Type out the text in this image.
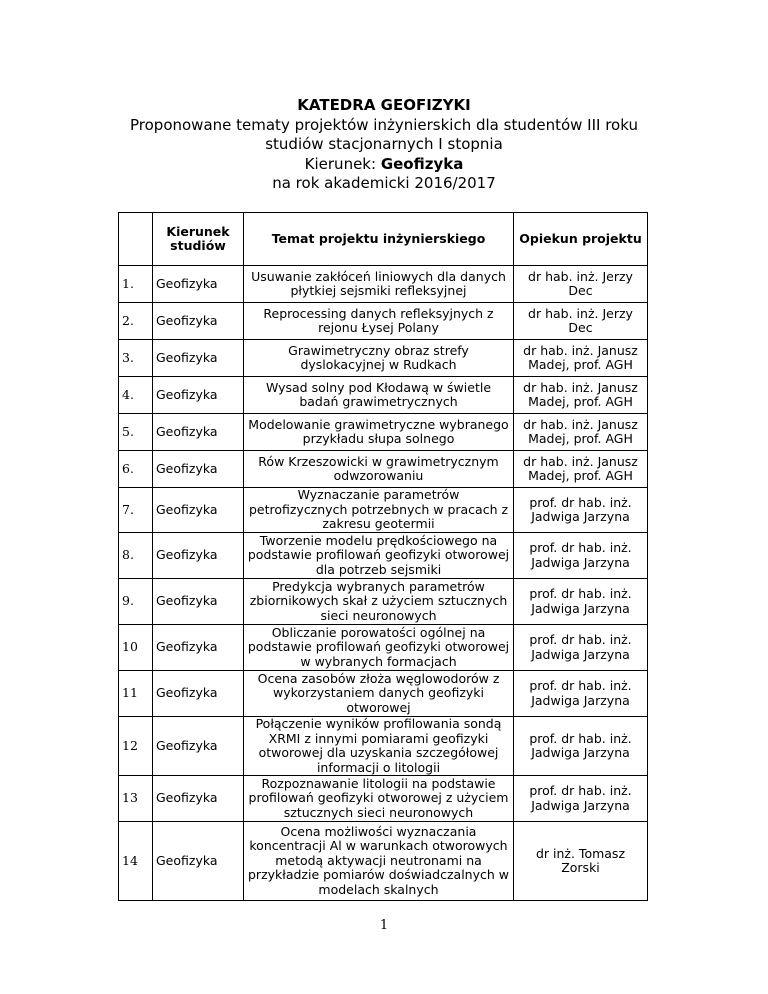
KATEDRA GEOFIZYKI
Proponowane tematy projektów inżynierskich dla studentów III roku
studiów stacjonarnych I stopnia
Kierunek: Geofizyka
na rok akademicki 2016/2017
	Kierunek studiów	Temat projektu inżynierskiego	Opiekun projektu
1.	Geofizyka	Usuwanie zakłóceń liniowych dla danych płytkiej sejsmiki refleksyjnej	dr hab. inż. Jerzy Dec
2.	Geofizyka	Reprocessing danych refleksyjnych z rejonu Łysej Polany	dr hab. inż. Jerzy Dec
3.	Geofizyka	Grawimetryczny obraz strefy dyslokacyjnej w Rudkach	dr hab. inż. Janusz Madej, prof. AGH
4.	Geofizyka	Wysad solny pod Kłodawą w świetle badań grawimetrycznych	dr hab. inż. Janusz Madej, prof. AGH
5.	Geofizyka	Modelowanie grawimetryczne wybranego przykładu słupa solnego	dr hab. inż. Janusz Madej, prof. AGH
6.	Geofizyka	Rów Krzeszowicki w grawimetrycznym odwzorowaniu	dr hab. inż. Janusz Madej, prof. AGH
7.	Geofizyka	Wyznaczanie parametrów petrofizycznych potrzebnych w pracach z zakresu geotermii	prof. dr hab. inż. Jadwiga Jarzyna
8.	Geofizyka	Tworzenie modelu prędkościowego na podstawie profilowań geofizyki otworowej dla potrzeb sejsmiki	prof. dr hab. inż. Jadwiga Jarzyna
9.	Geofizyka	Predykcja wybranych parametrów zbiornikowych skał z użyciem sztucznych sieci neuronowych	prof. dr hab. inż. Jadwiga Jarzyna
10	Geofizyka	Obliczanie porowatości ogólnej na podstawie profilowań geofizyki otworowej w wybranych formacjach	prof. dr hab. inż. Jadwiga Jarzyna
11	Geofizyka	Ocena zasobów złoża węglowodorów z wykorzystaniem danych geofizyki otworowej	prof. dr hab. inż. Jadwiga Jarzyna
12	Geofizyka	Połączenie wyników profilowania sondą XRMI z innymi pomiarami geofizyki otworowej dla uzyskania szczegółowej informacji o litologii	prof. dr hab. inż. Jadwiga Jarzyna
13	Geofizyka	Rozpoznawanie litologii na podstawie profilowań geofizyki otworowej z użyciem sztucznych sieci neuronowych	prof. dr hab. inż. Jadwiga Jarzyna
14	Geofizyka	Ocena możliwości wyznaczania koncentracji Al w warunkach otworowych metodą aktywacji neutronami na przykładzie pomiarów doświadczalnych w modelach skalnych	dr inż. Tomasz Zorski
1
